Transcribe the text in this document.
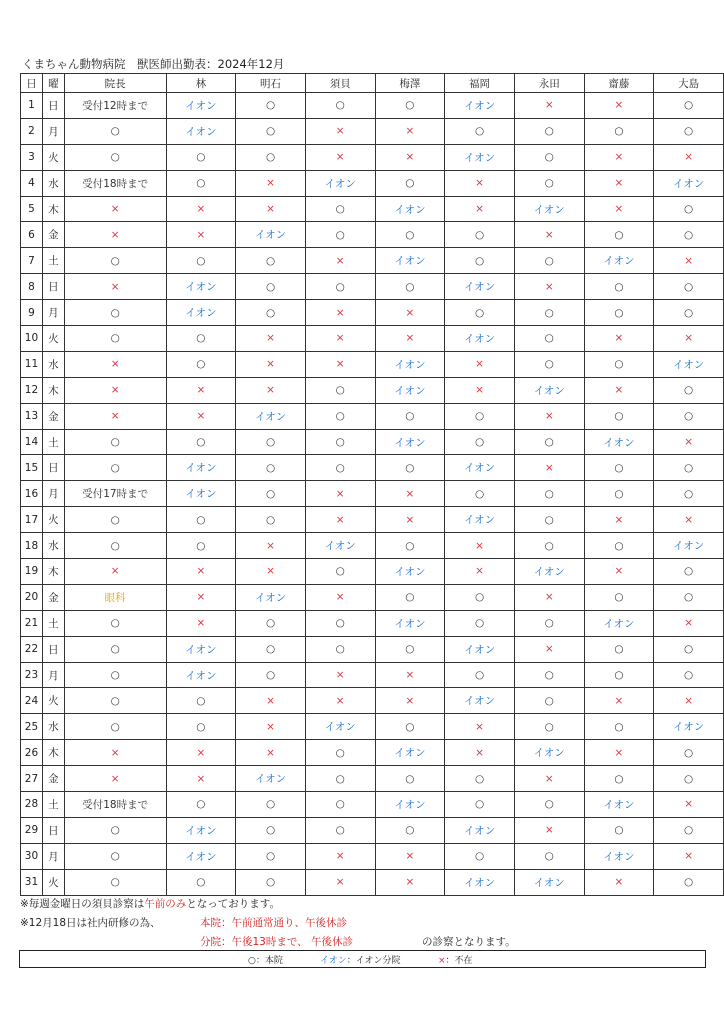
くまちゃん動物病院　獣医師出勤表：2024年12月
日	曜	院長	林	明石	須貝	梅澤	福岡	永田	齋藤	大島
1	日	受付12時まで	イオン	○	○	○	イオン	×	×	○
2	月	○	イオン	○	×	×	○	○	○	○
3	火	○	○	○	×	×	イオン	○	×	×
4	水	受付18時まで	○	×	イオン	○	×	○	×	イオン
5	木	×	×	×	○	イオン	×	イオン	×	○
6	金	×	×	イオン	○	○	○	×	○	○
7	土	○	○	○	×	イオン	○	○	イオン	×
8	日	×	イオン	○	○	○	イオン	×	○	○
9	月	○	イオン	○	×	×	○	○	○	○
10	火	○	○	×	×	×	イオン	○	×	×
11	水	×	○	×	×	イオン	×	○	○	イオン
12	木	×	×	×	○	イオン	×	イオン	×	○
13	金	×	×	イオン	○	○	○	×	○	○
14	土	○	○	○	○	イオン	○	○	イオン	×
15	日	○	イオン	○	○	○	イオン	×	○	○
16	月	受付17時まで	イオン	○	×	×	○	○	○	○
17	火	○	○	○	×	×	イオン	○	×	×
18	水	○	○	×	イオン	○	×	○	○	イオン
19	木	×	×	×	○	イオン	×	イオン	×	○
20	金	眼科	×	イオン	×	○	○	×	○	○
21	土	○	×	○	○	イオン	○	○	イオン	×
22	日	○	イオン	○	○	○	イオン	×	○	○
23	月	○	イオン	○	×	×	○	○	○	○
24	火	○	○	×	×	×	イオン	○	×	×
25	水	○	○	×	イオン	○	×	○	○	イオン
26	木	×	×	×	○	イオン	×	イオン	×	○
27	金	×	×	イオン	○	○	○	×	○	○
28	土	受付18時まで	○	○	○	イオン	○	○	イオン	×
29	日	○	イオン	○	○	○	イオン	×	○	○
30	月	○	イオン	○	×	×	○	○	イオン	×
31	火	○	○	○	×	×	イオン	イオン	×	○
※毎週金曜日の須貝診察は午前のみとなっております。
※12月18日は社内研修の為、	本院：午前通常通り、午後休診
分院：午後13時まで、 午後休診	の診察となります。
○：本院	イオン：イオン分院	×：不在
